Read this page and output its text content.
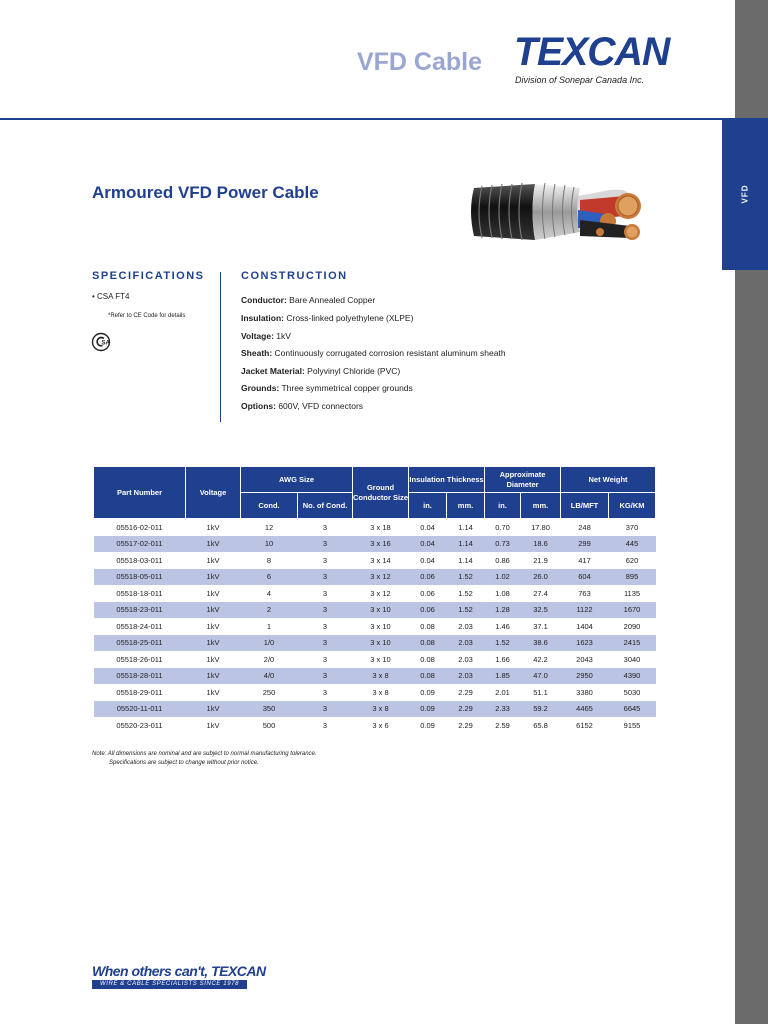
VFD
VFD Cable TEXCAN
Division of Sonepar Canada Inc.
Armoured VFD Power Cable
SPECIFICATIONS
• CSA FT4
*Refer to CE Code for details
SA
CONSTRUCTION
Conductor: Bare Annealed Copper
Insulation: Cross-linked polyethylene (XLPE)
Voltage: 1kV
Sheath: Continuously corrugated corrosion resistant aluminum sheath
Jacket Material: Polyvinyl Chloride (PVC)
Grounds: Three symmetrical copper grounds
Options: 600V, VFD connectors
Part Number	Voltage	AWG Size		Ground Conductor Size	Insulation Thickness		Approximate Diameter		Net Weight	
		Cond.	No. of Cond.		in.	mm.	in.	mm.	LB/MFT	KG/KM
05516-02-011	1kV	12	3	3 x 18	0.04	1.14	0.70	17.80	248	370
05517-02-011	1kV	10	3	3 x 16	0.04	1.14	0.73	18.6	299	445
05518-03-011	1kV	8	3	3 x 14	0.04	1.14	0.86	21.9	417	620
05518-05-011	1kV	6	3	3 x 12	0.06	1.52	1.02	26.0	604	895
05518-18-011	1kV	4	3	3 x 12	0.06	1.52	1.08	27.4	763	1135
05518-23-011	1kV	2	3	3 x 10	0.06	1.52	1.28	32.5	1122	1670
05518-24-011	1kV	1	3	3 x 10	0.08	2.03	1.46	37.1	1404	2090
05518-25-011	1kV	1/0	3	3 x 10	0.08	2.03	1.52	38.6	1623	2415
05518-26-011	1kV	2/0	3	3 x 10	0.08	2.03	1.66	42.2	2043	3040
05518-28-011	1kV	4/0	3	3 x 8	0.08	2.03	1.85	47.0	2950	4390
05518-29-011	1kV	250	3	3 x 8	0.09	2.29	2.01	51.1	3380	5030
05520-11-011	1kV	350	3	3 x 8	0.09	2.29	2.33	59.2	4465	6645
05520-23-011	1kV	500	3	3 x 6	0.09	2.29	2.59	65.8	6152	9155
Note: All dimensions are nominal and are subject to normal manufacturing tolerance.
Specifications are subject to change without prior notice.
When others can't, TEXCAN
WIRE & CABLE SPECIALISTS SINCE 1978
